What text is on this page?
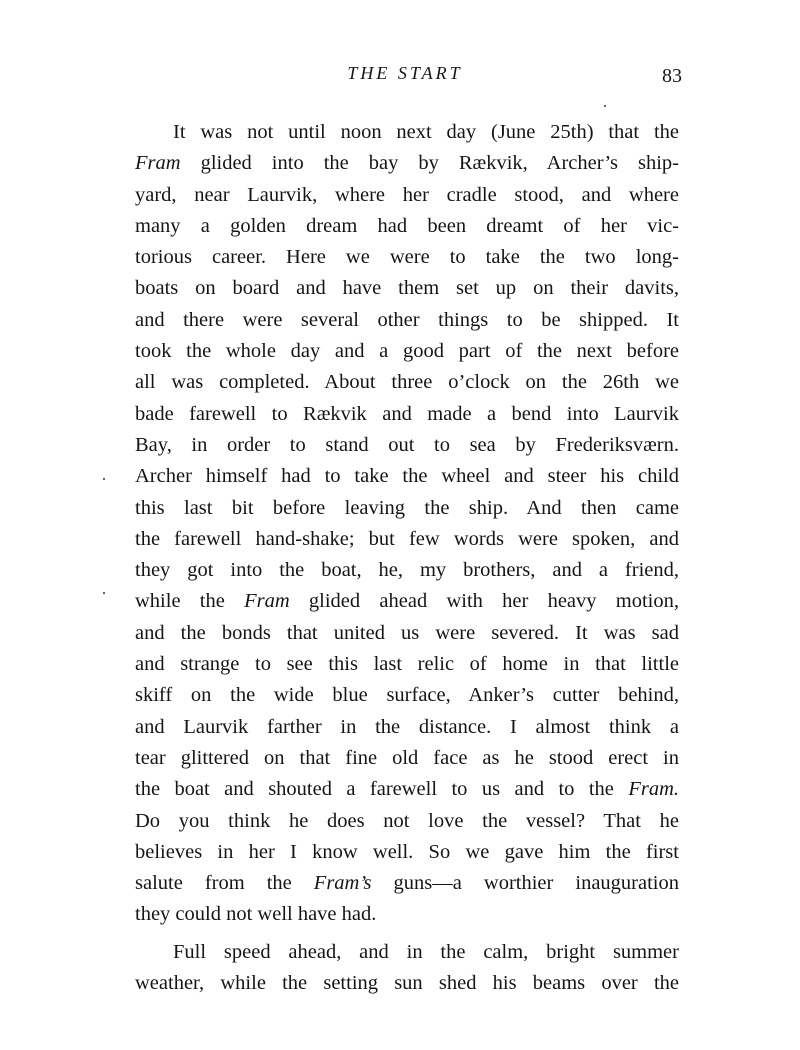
THE START	83
It was not until noon next day (June 25th) that the
Fram glided into the bay by Rækvik, Archer’s ship-
yard, near Laurvik, where her cradle stood, and where
many a golden dream had been dreamt of her vic-
torious career. Here we were to take the two long-
boats on board and have them set up on their davits,
and there were several other things to be shipped. It
took the whole day and a good part of the next before
all was completed. About three o’clock on the 26th we
bade farewell to Rækvik and made a bend into Laurvik
Bay, in order to stand out to sea by Frederiksværn.
Archer himself had to take the wheel and steer his child
this last bit before leaving the ship. And then came
the farewell hand-shake; but few words were spoken, and
they got into the boat, he, my brothers, and a friend,
while the Fram glided ahead with her heavy motion,
and the bonds that united us were severed. It was sad
and strange to see this last relic of home in that little
skiff on the wide blue surface, Anker’s cutter behind,
and Laurvik farther in the distance. I almost think a
tear glittered on that fine old face as he stood erect in
the boat and shouted a farewell to us and to the Fram.
Do you think he does not love the vessel? That he
believes in her I know well. So we gave him the first
salute from the Fram’s guns—a worthier inauguration
they could not well have had.
Full speed ahead, and in the calm, bright summer
weather, while the setting sun shed his beams over the
